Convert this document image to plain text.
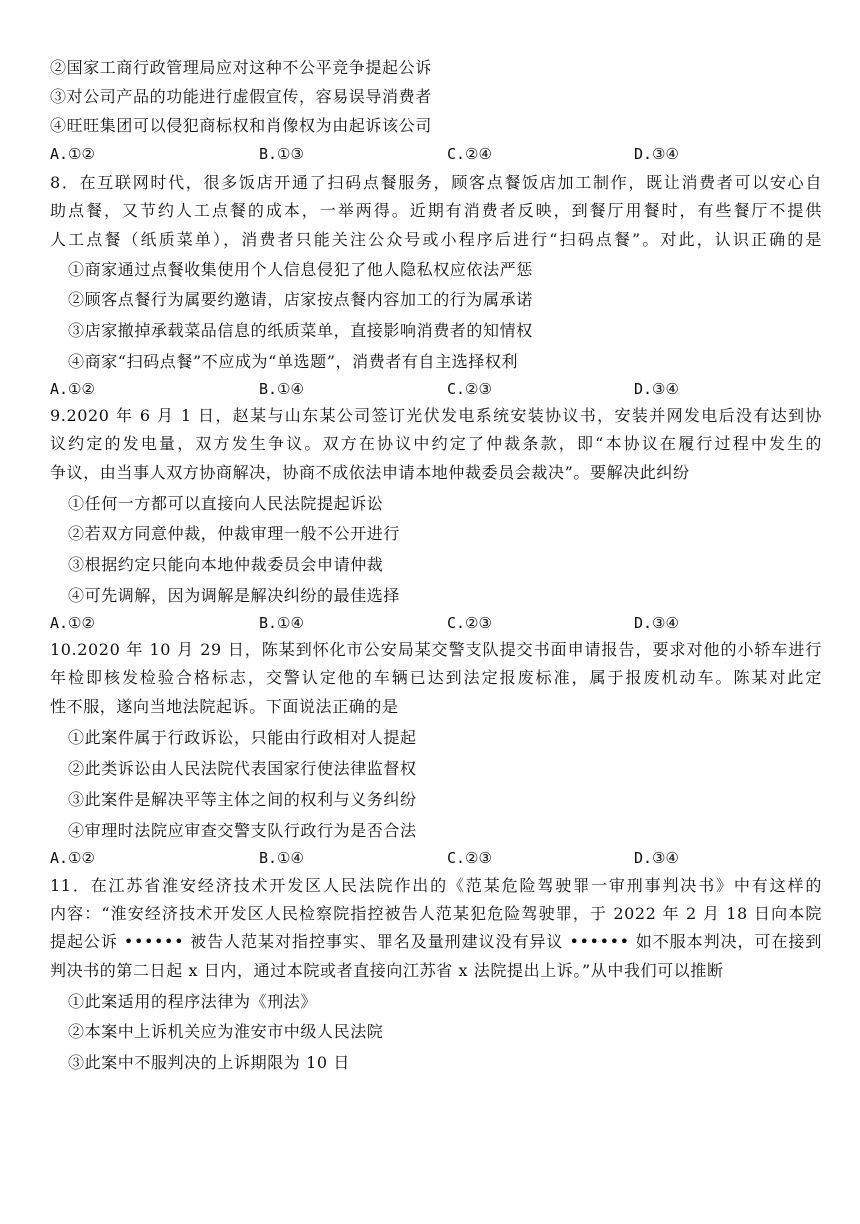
②国家工商行政管理局应对这种不公平竞争提起公诉
③对公司产品的功能进行虚假宣传，容易误导消费者
④旺旺集团可以侵犯商标权和肖像权为由起诉该公司
A.①②	B.①③	C.②④	D.③④
8．在互联网时代，很多饭店开通了扫码点餐服务，顾客点餐饭店加工制作，既让消费者可以安心自
助点餐，又节约人工点餐的成本，一举两得。近期有消费者反映，到餐厅用餐时，有些餐厅不提供
人工点餐（纸质菜单），消费者只能关注公众号或小程序后进行“扫码点餐”。对此，认识正确的是
①商家通过点餐收集使用个人信息侵犯了他人隐私权应依法严惩
②顾客点餐行为属要约邀请，店家按点餐内容加工的行为属承诺
③店家撤掉承载菜品信息的纸质菜单，直接影响消费者的知情权
④商家“扫码点餐”不应成为“单选题”，消费者有自主选择权利
A.①②	B.①④	C.②③	D.③④
9.2020 年 6 月 1 日，赵某与山东某公司签订光伏发电系统安装协议书，安装并网发电后没有达到协
议约定的发电量，双方发生争议。双方在协议中约定了仲裁条款，即“本协议在履行过程中发生的
争议，由当事人双方协商解决，协商不成依法申请本地仲裁委员会裁决”。要解决此纠纷
①任何一方都可以直接向人民法院提起诉讼
②若双方同意仲裁，仲裁审理一般不公开进行
③根据约定只能向本地仲裁委员会申请仲裁
④可先调解，因为调解是解决纠纷的最佳选择
A.①②	B.①④	C.②③	D.③④
10.2020 年 10 月 29 日，陈某到怀化市公安局某交警支队提交书面申请报告，要求对他的小轿车进行
年检即核发检验合格标志，交警认定他的车辆已达到法定报废标准，属于报废机动车。陈某对此定
性不服，遂向当地法院起诉。下面说法正确的是
①此案件属于行政诉讼，只能由行政相对人提起
②此类诉讼由人民法院代表国家行使法律监督权
③此案件是解决平等主体之间的权利与义务纠纷
④审理时法院应审查交警支队行政行为是否合法
A.①②	B.①④	C.②③	D.③④
11．在江苏省淮安经济技术开发区人民法院作出的《范某危险驾驶罪一审刑事判决书》中有这样的
内容：“淮安经济技术开发区人民检察院指控被告人范某犯危险驾驶罪，于 2022 年 2 月 18 日向本院
提起公诉 •••••• 被告人范某对指控事实、罪名及量刑建议没有异议 •••••• 如不服本判决，可在接到
判决书的第二日起 x 日内，通过本院或者直接向江苏省 x 法院提出上诉。”从中我们可以推断
①此案适用的程序法律为《刑法》
②本案中上诉机关应为淮安市中级人民法院
③此案中不服判决的上诉期限为 10 日
